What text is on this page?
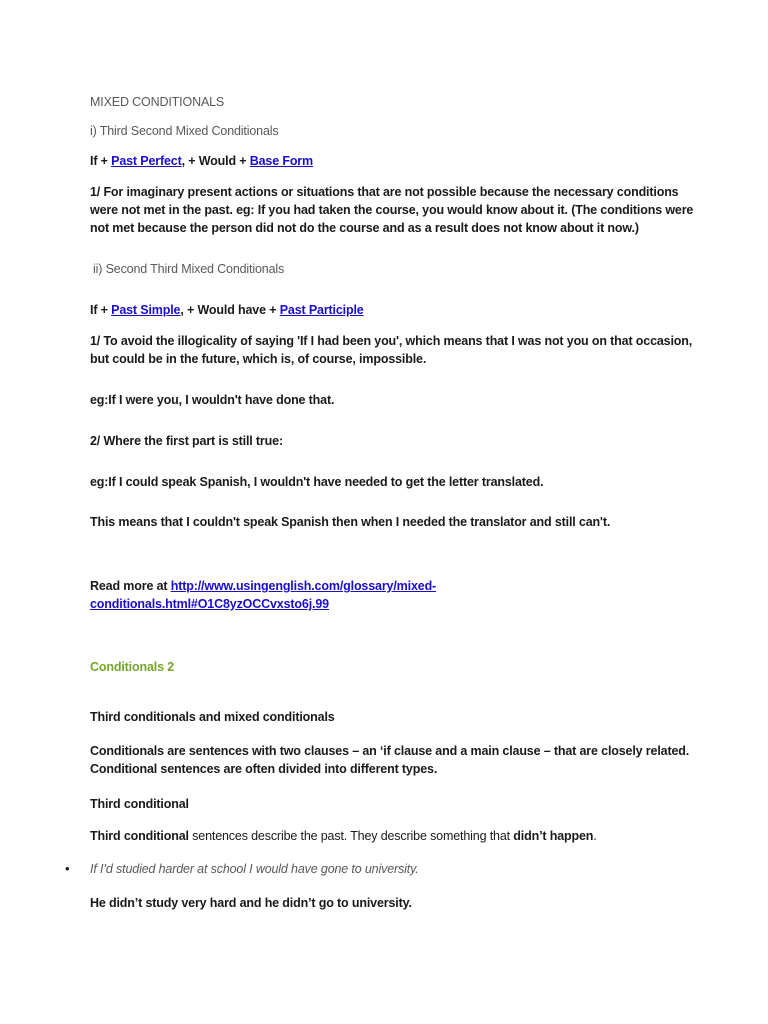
MIXED CONDITIONALS
i) Third Second Mixed Conditionals
If + Past Perfect, + Would + Base Form
1/ For imaginary present actions or situations that are not possible because the necessary conditions were not met in the past. eg: If you had taken the course, you would know about it. (The conditions were not met because the person did not do the course and as a result does not know about it now.)
ii) Second Third Mixed Conditionals
If + Past Simple, + Would have + Past Participle
1/ To avoid the illogicality of saying 'If I had been you', which means that I was not you on that occasion, but could be in the future, which is, of course, impossible.
eg:If I were you, I wouldn't have done that.
2/ Where the first part is still true:
eg:If I could speak Spanish, I wouldn't have needed to get the letter translated.
This means that I couldn't speak Spanish then when I needed the translator and still can't.
Read more at http://www.usingenglish.com/glossary/mixed-
conditionals.html#O1C8yzOCCvxsto6j.99
Conditionals 2
Third conditionals and mixed conditionals
Conditionals are sentences with two clauses – an ‘if clause and a main clause – that are closely related. Conditional sentences are often divided into different types.
Third conditional
Third conditional sentences describe the past. They describe something that didn’t happen.
• If I’d studied harder at school I would have gone to university.
He didn’t study very hard and he didn’t go to university.
